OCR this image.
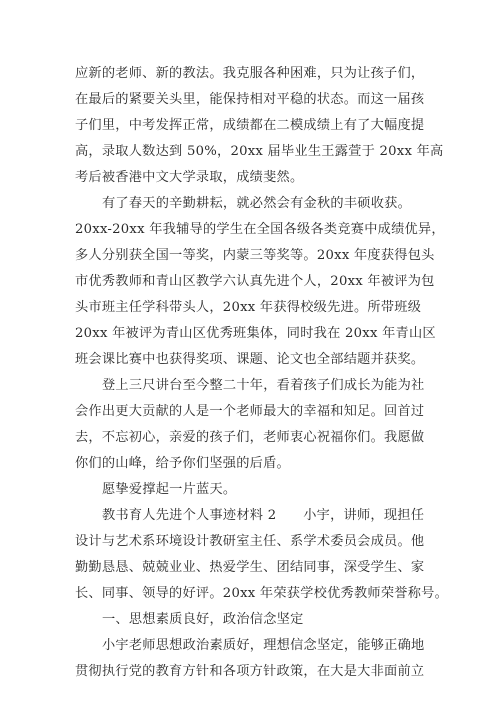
应新的老师、新的教法。我克服各种困难，只为让孩子们，
在最后的紧要关头里，能保持相对平稳的状态。而这一届孩
子们里，中考发挥正常，成绩都在二模成绩上有了大幅度提
高，录取人数达到 50%，20xx 届毕业生王露萱于 20xx 年高
考后被香港中文大学录取，成绩斐然。
有了春天的辛勤耕耘，就必然会有金秋的丰硕收获。
20xx-20xx 年我辅导的学生在全国各级各类竞赛中成绩优异，
多人分别获全国一等奖，内蒙三等奖等。20xx 年度获得包头
市优秀教师和青山区教学六认真先进个人，20xx 年被评为包
头市班主任学科带头人，20xx 年获得校级先进。所带班级
20xx 年被评为青山区优秀班集体，同时我在 20xx 年青山区
班会课比赛中也获得奖项、课题、论文也全部结题并获奖。
登上三尺讲台至今整二十年，看着孩子们成长为能为社
会作出更大贡献的人是一个老师最大的幸福和知足。回首过
去，不忘初心，亲爱的孩子们，老师衷心祝福你们。我愿做
你们的山峰，给予你们坚强的后盾。
愿挚爱撑起一片蓝天。
教书育人先进个人事迹材料 2　　小宇，讲师，现担任
设计与艺术系环境设计教研室主任、系学术委员会成员。他
勤勤恳恳、兢兢业业、热爱学生、团结同事，深受学生、家
长、同事、领导的好评。20xx 年荣获学校优秀教师荣誉称号。
一、思想素质良好，政治信念坚定
小宇老师思想政治素质好，理想信念坚定，能够正确地
贯彻执行党的教育方针和各项方针政策，在大是大非面前立
